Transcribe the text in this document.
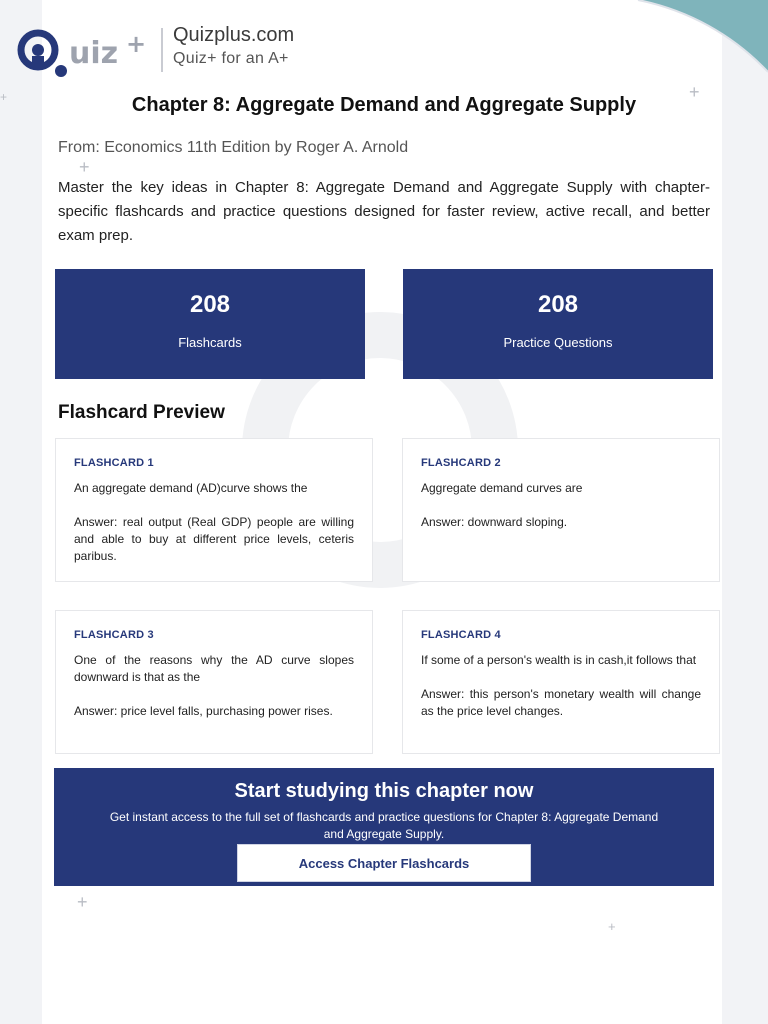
+
+
+
+
+
uiz + Quizplus.com
Quiz+ for an A+
Chapter 8: Aggregate Demand and Aggregate Supply
From: Economics 11th Edition by Roger A. Arnold
Master the key ideas in Chapter 8: Aggregate Demand and Aggregate Supply with chapter-specific flashcards and practice questions designed for faster review, active recall, and better exam prep.
208
Flashcards
208
Practice Questions
Flashcard Preview
FLASHCARD 1
An aggregate demand (AD)curve shows the
Answer: real output (Real GDP) people are willing and able to buy at different price levels, ceteris paribus.
FLASHCARD 2
Aggregate demand curves are
Answer: downward sloping.
FLASHCARD 3
One of the reasons why the AD curve slopes downward is that as the
Answer: price level falls, purchasing power rises.
FLASHCARD 4
If some of a person's wealth is in cash,it follows that
Answer: this person's monetary wealth will change as the price level changes.
Start studying this chapter now
Get instant access to the full set of flashcards and practice questions for Chapter 8: Aggregate Demand and Aggregate Supply.
Access Chapter Flashcards
